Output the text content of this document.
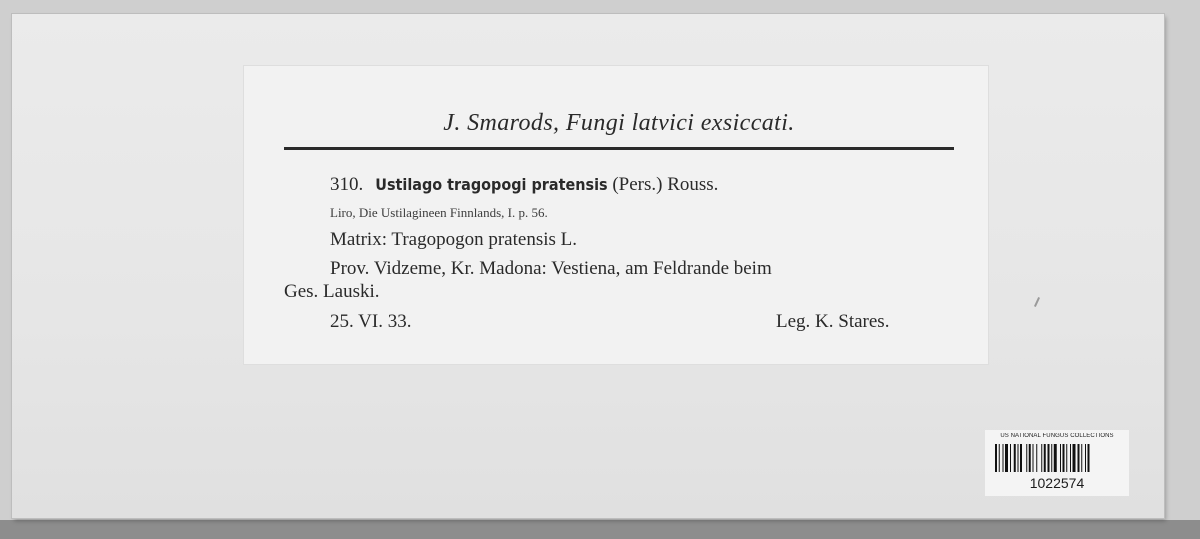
J. Smarods, Fungi latvici exsiccati.
310. Ustilago tragopogi pratensis (Pers.) Rouss.
Liro, Die Ustilagineen Finnlands, I. p. 56.
Matrix: Tragopogon pratensis L.
Prov. Vidzeme, Kr. Madona: Vestiena, am Feldrande beim
Ges. Lauski.
25. VI. 33.	Leg. K. Stares.
US NATIONAL FUNGUS COLLECTIONS
1022574
